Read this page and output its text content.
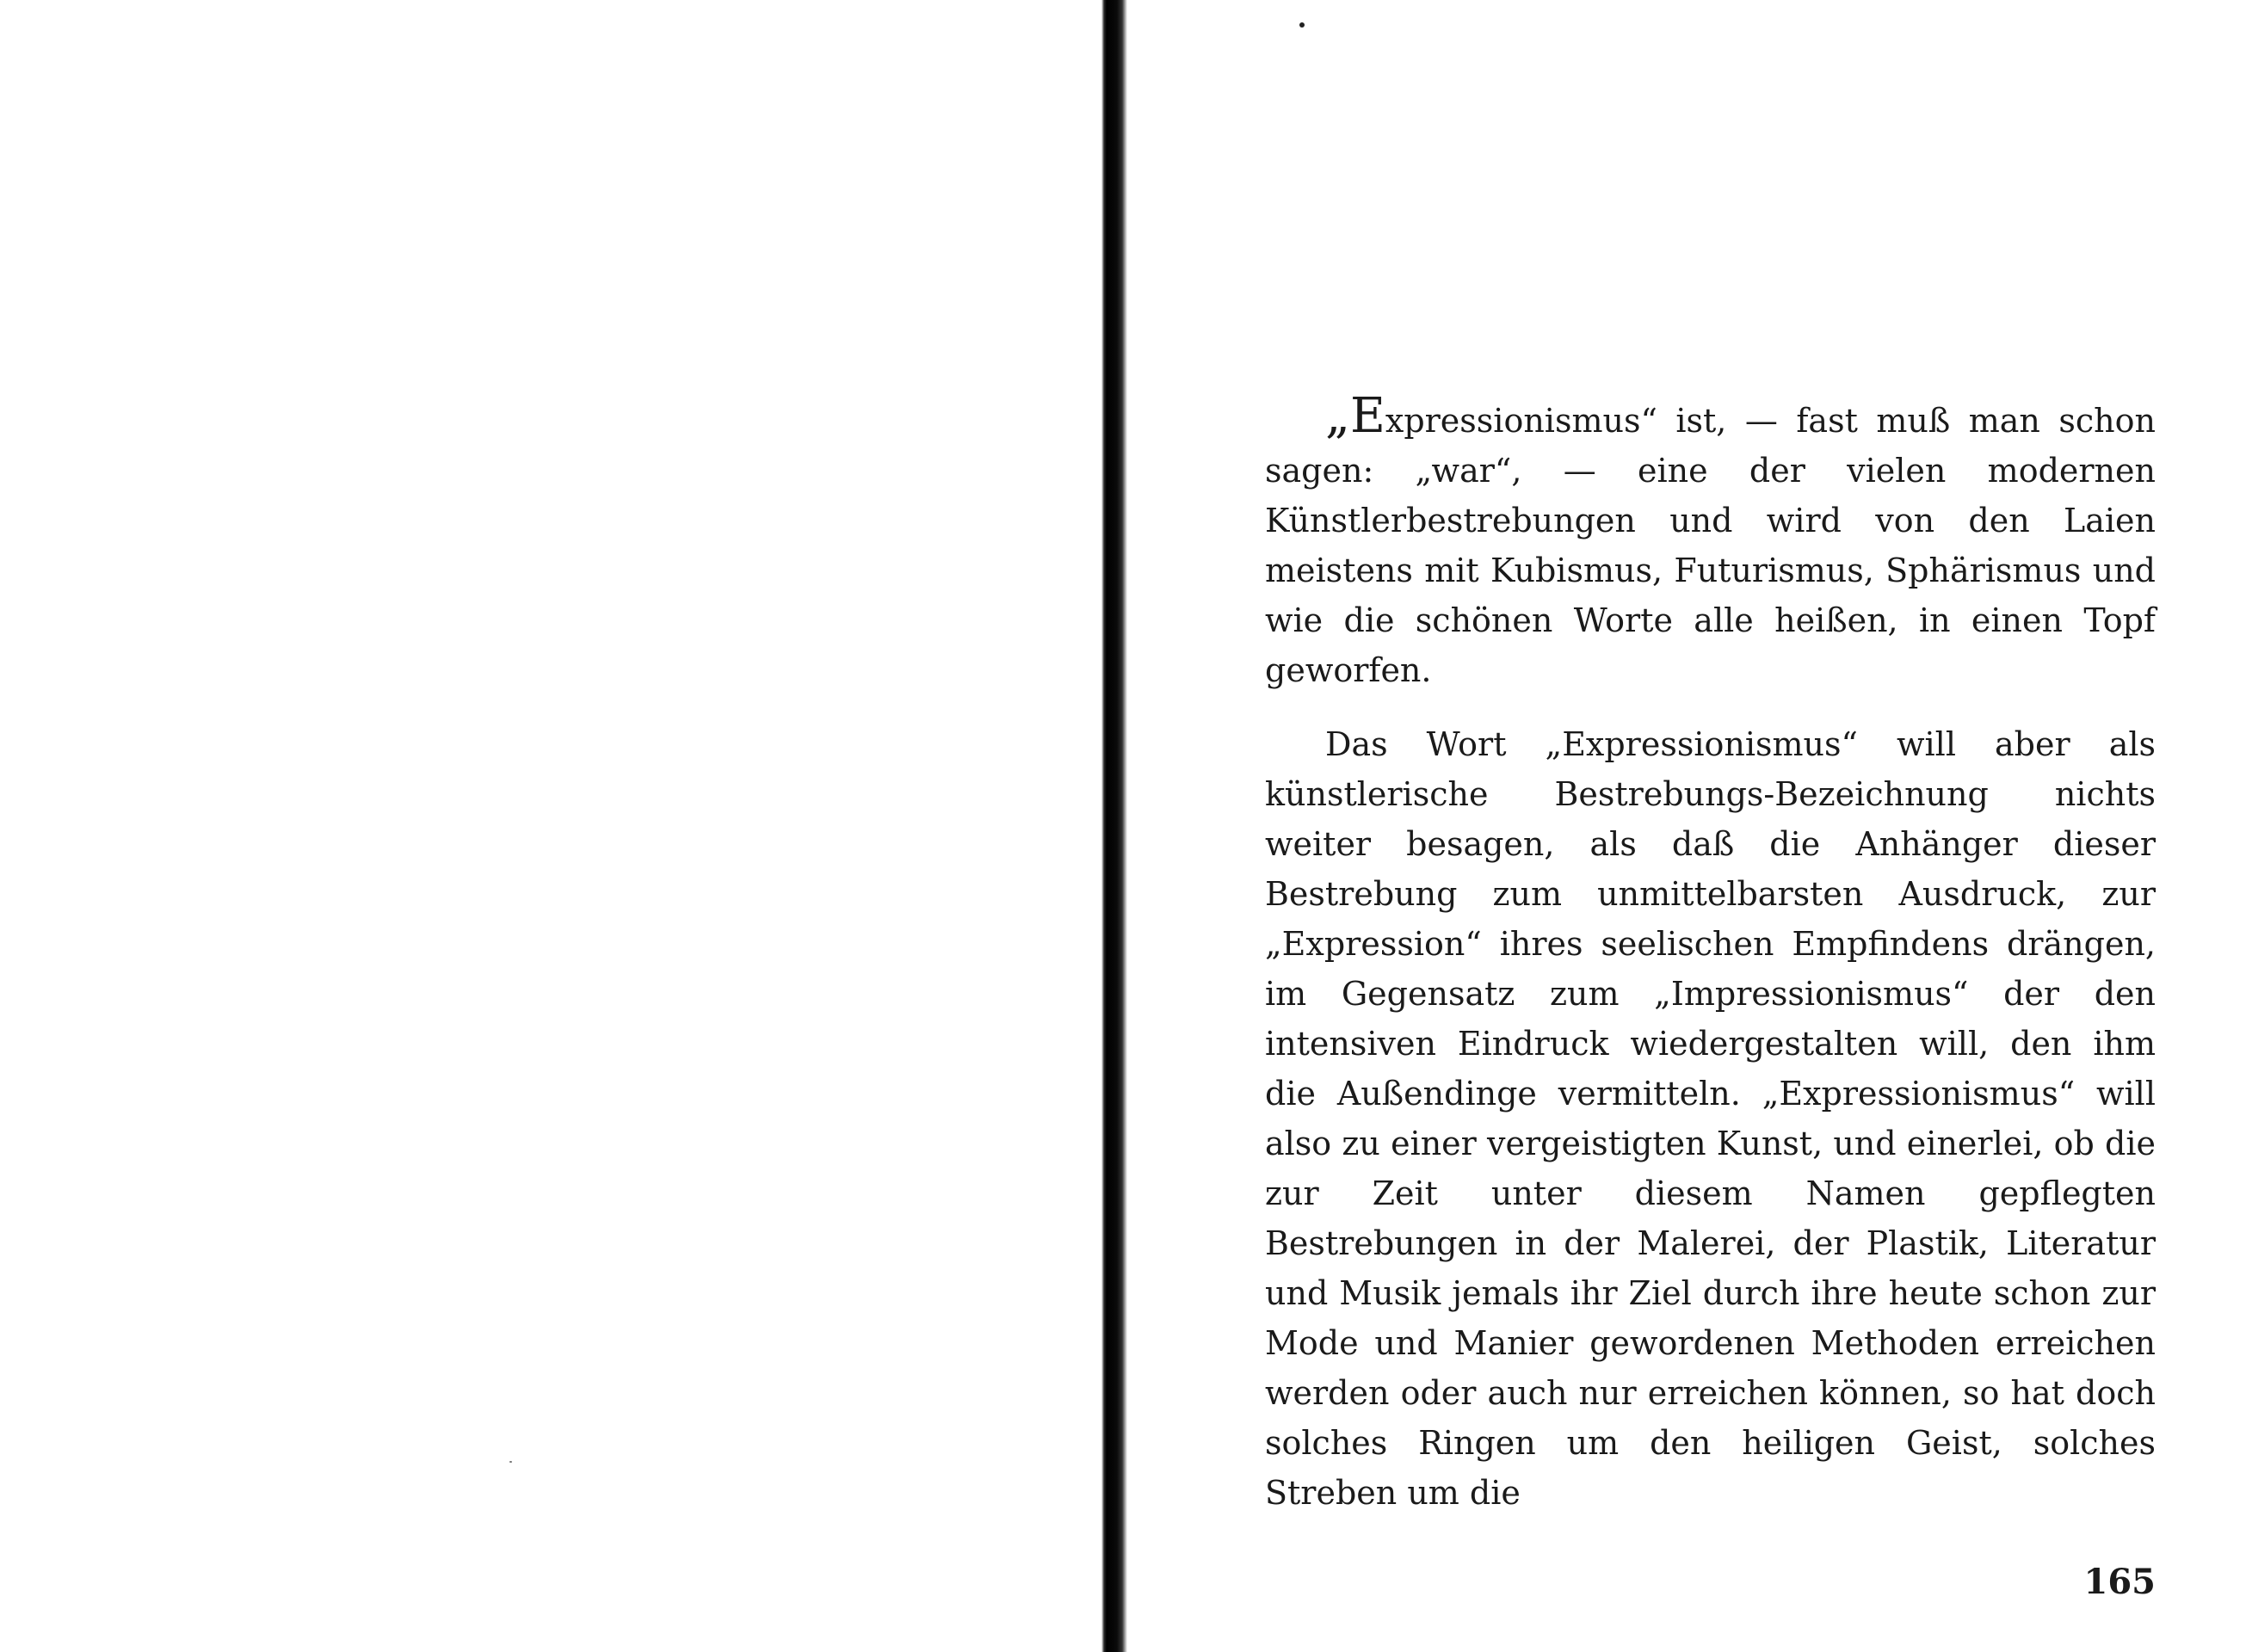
„Expressionismus“ ist, — fast muß man schon sagen: „war“, — eine der vielen modernen Künstlerbestrebungen und wird von den Laien meistens mit Kubismus, Futurismus, Sphärismus und wie die schönen Worte alle heißen, in einen Topf geworfen.

Das Wort „Expressionismus“ will aber als künstlerische Bestrebungs-Bezeichnung nichts weiter besagen, als daß die Anhänger dieser Bestrebung zum unmittelbarsten Ausdruck, zur „Expression“ ihres seelischen Empfindens drängen, im Gegensatz zum „Impressionismus“ der den intensiven Eindruck wiedergestalten will, den ihm die Außendinge vermitteln. „Expressionismus“ will also zu einer vergeistigten Kunst, und einerlei, ob die zur Zeit unter diesem Namen gepflegten Bestrebungen in der Malerei, der Plastik, Literatur und Musik jemals ihr Ziel durch ihre heute schon zur Mode und Manier gewordenen Methoden erreichen werden oder auch nur erreichen können, so hat doch solches Ringen um den heiligen Geist, solches Streben um die

165
